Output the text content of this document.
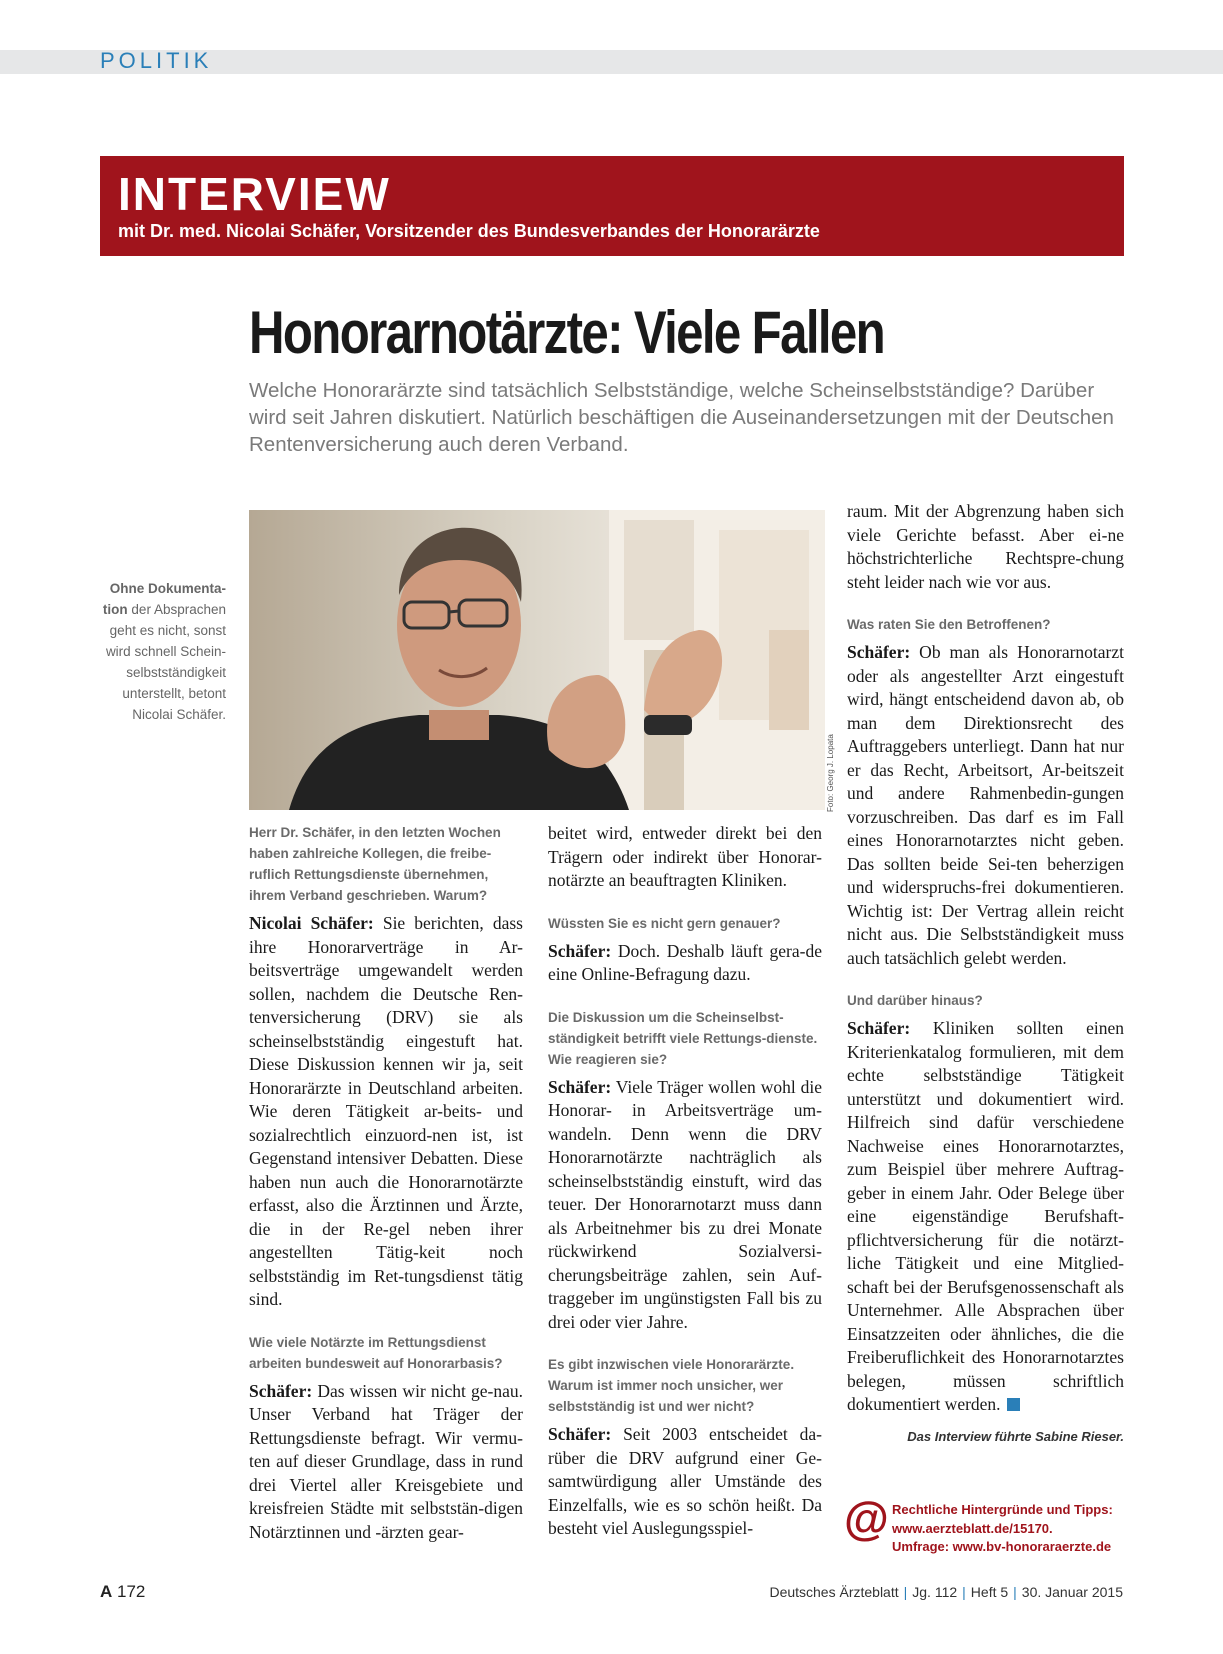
POLITIK
INTERVIEW
mit Dr. med. Nicolai Schäfer, Vorsitzender des Bundesverbandes der Honorarärzte
Honorarnotärzte: Viele Fallen
Welche Honorarärzte sind tatsächlich Selbstständige, welche Scheinselbstständige? Darüber wird seit Jahren diskutiert. Natürlich beschäftigen die Auseinandersetzungen mit der Deutschen Rentenversicherung auch deren Verband.
Ohne Dokumenta-
tion der Absprachen geht es nicht, sonst wird schnell Schein-selbstständigkeit unterstellt, betont Nicolai Schäfer.
Foto: Georg J. Lopata

Herr Dr. Schäfer, in den letzten Wochen haben zahlreiche Kollegen, die freibe-ruflich Rettungsdienste übernehmen, ihrem Verband geschrieben. Warum?

Nicolai Schäfer: Sie berichten, dass ihre Honorarverträge in Ar-beitsverträge umgewandelt werden sollen, nachdem die Deutsche Ren-tenversicherung (DRV) sie als scheinselbstständig eingestuft hat. Diese Diskussion kennen wir ja, seit Honorarärzte in Deutschland arbeiten. Wie deren Tätigkeit ar-beits- und sozialrechtlich einzuord-nen ist, ist Gegenstand intensiver Debatten. Diese haben nun auch die Honorarnotärzte erfasst, also die Ärztinnen und Ärzte, die in der Re-gel neben ihrer angestellten Tätig-keit noch selbstständig im Ret-tungsdienst tätig sind.

Wie viele Notärzte im Rettungsdienst arbeiten bundesweit auf Honorarbasis?

Schäfer: Das wissen wir nicht ge-nau. Unser Verband hat Träger der Rettungsdienste befragt. Wir vermu-ten auf dieser Grundlage, dass in rund drei Viertel aller Kreisgebiete und kreisfreien Städte mit selbststän-digen Notärztinnen und -ärzten gear-

beitet wird, entweder direkt bei den Trägern oder indirekt über Honorar-notärzte an beauftragten Kliniken.

Wüssten Sie es nicht gern genauer?

Schäfer: Doch. Deshalb läuft gera-de eine Online-Befragung dazu.

Die Diskussion um die Scheinselbst-ständigkeit betrifft viele Rettungs-dienste. Wie reagieren sie?

Schäfer: Viele Träger wollen wohl die Honorar- in Arbeitsverträge um-wandeln. Denn wenn die DRV Honorarnotärzte nachträglich als scheinselbstständig einstuft, wird das teuer. Der Honorarnotarzt muss dann als Arbeitnehmer bis zu drei Monate rückwirkend Sozialversi-cherungsbeiträge zahlen, sein Auf-traggeber im ungünstigsten Fall bis zu drei oder vier Jahre.

Es gibt inzwischen viele Honorarärzte. Warum ist immer noch unsicher, wer selbstständig ist und wer nicht?

Schäfer: Seit 2003 entscheidet da-rüber die DRV aufgrund einer Ge-samtwürdigung aller Umstände des Einzelfalls, wie es so schön heißt. Da besteht viel Auslegungsspiel-

raum. Mit der Abgrenzung haben sich viele Gerichte befasst. Aber ei-ne höchstrichterliche Rechtspre-chung steht leider nach wie vor aus.

Was raten Sie den Betroffenen?

Schäfer: Ob man als Honorarnotarzt oder als angestellter Arzt eingestuft wird, hängt entscheidend davon ab, ob man dem Direktionsrecht des Auftraggebers unterliegt. Dann hat nur er das Recht, Arbeitsort, Ar-beitszeit und andere Rahmenbedin-gungen vorzuschreiben. Das darf es im Fall eines Honorarnotarztes nicht geben. Das sollten beide Sei-ten beherzigen und widerspruchs-frei dokumentieren. Wichtig ist: Der Vertrag allein reicht nicht aus. Die Selbstständigkeit muss auch tatsächlich gelebt werden.

Und darüber hinaus?

Schäfer: Kliniken sollten einen Kriterienkatalog formulieren, mit dem echte selbstständige Tätigkeit unterstützt und dokumentiert wird. Hilfreich sind dafür verschiedene Nachweise eines Honorarnotarztes, zum Beispiel über mehrere Auftrag-geber in einem Jahr. Oder Belege über eine eigenständige Berufshaft-pflichtversicherung für die notärzt-liche Tätigkeit und eine Mitglied-schaft bei der Berufsgenossenschaft als Unternehmer. Alle Absprachen über Einsatzzeiten oder ähnliches, die die Freiberuflichkeit des Honorarnotarztes belegen, müssen schriftlich dokumentiert werden.

Das Interview führte Sabine Rieser.

@ Rechtliche Hintergründe und Tipps:
www.aerzteblatt.de/15170.
Umfrage: www.bv-honoraraerzte.de
A 172	Deutsches Ärzteblatt | Jg. 112 | Heft 5 | 30. Januar 2015
